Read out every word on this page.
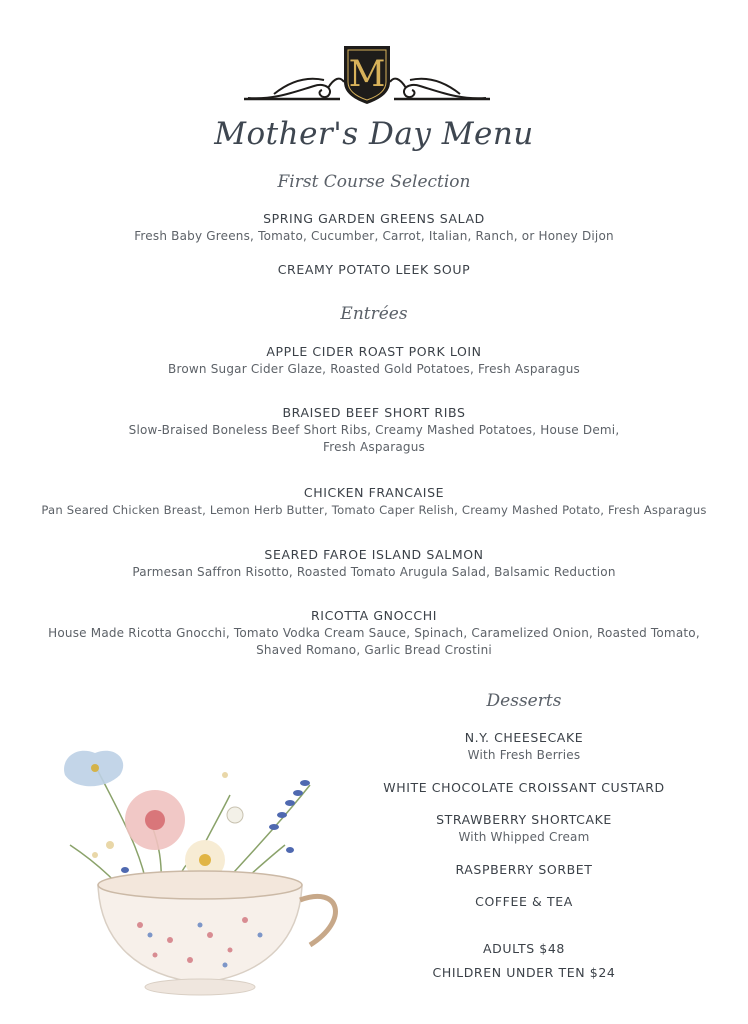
M
Mother's Day Menu
First Course Selection
SPRING GARDEN GREENS SALAD
Fresh Baby Greens, Tomato, Cucumber, Carrot, Italian, Ranch, or Honey Dijon
CREAMY POTATO LEEK SOUP
Entrées
APPLE CIDER ROAST PORK LOIN
Brown Sugar Cider Glaze, Roasted Gold Potatoes, Fresh Asparagus
BRAISED BEEF SHORT RIBS
Slow-Braised Boneless Beef Short Ribs, Creamy Mashed Potatoes, House Demi,
Fresh Asparagus
CHICKEN FRANCAISE
Pan Seared Chicken Breast, Lemon Herb Butter, Tomato Caper Relish, Creamy Mashed Potato, Fresh Asparagus
SEARED FAROE ISLAND SALMON
Parmesan Saffron Risotto, Roasted Tomato Arugula Salad, Balsamic Reduction
RICOTTA GNOCCHI
House Made Ricotta Gnocchi, Tomato Vodka Cream Sauce, Spinach, Caramelized Onion, Roasted Tomato,
Shaved Romano, Garlic Bread Crostini
Desserts
N.Y. CHEESECAKE
With Fresh Berries
WHITE CHOCOLATE CROISSANT CUSTARD
STRAWBERRY SHORTCAKE
With Whipped Cream
RASPBERRY SORBET
COFFEE & TEA
ADULTS $48
CHILDREN UNDER TEN $24
